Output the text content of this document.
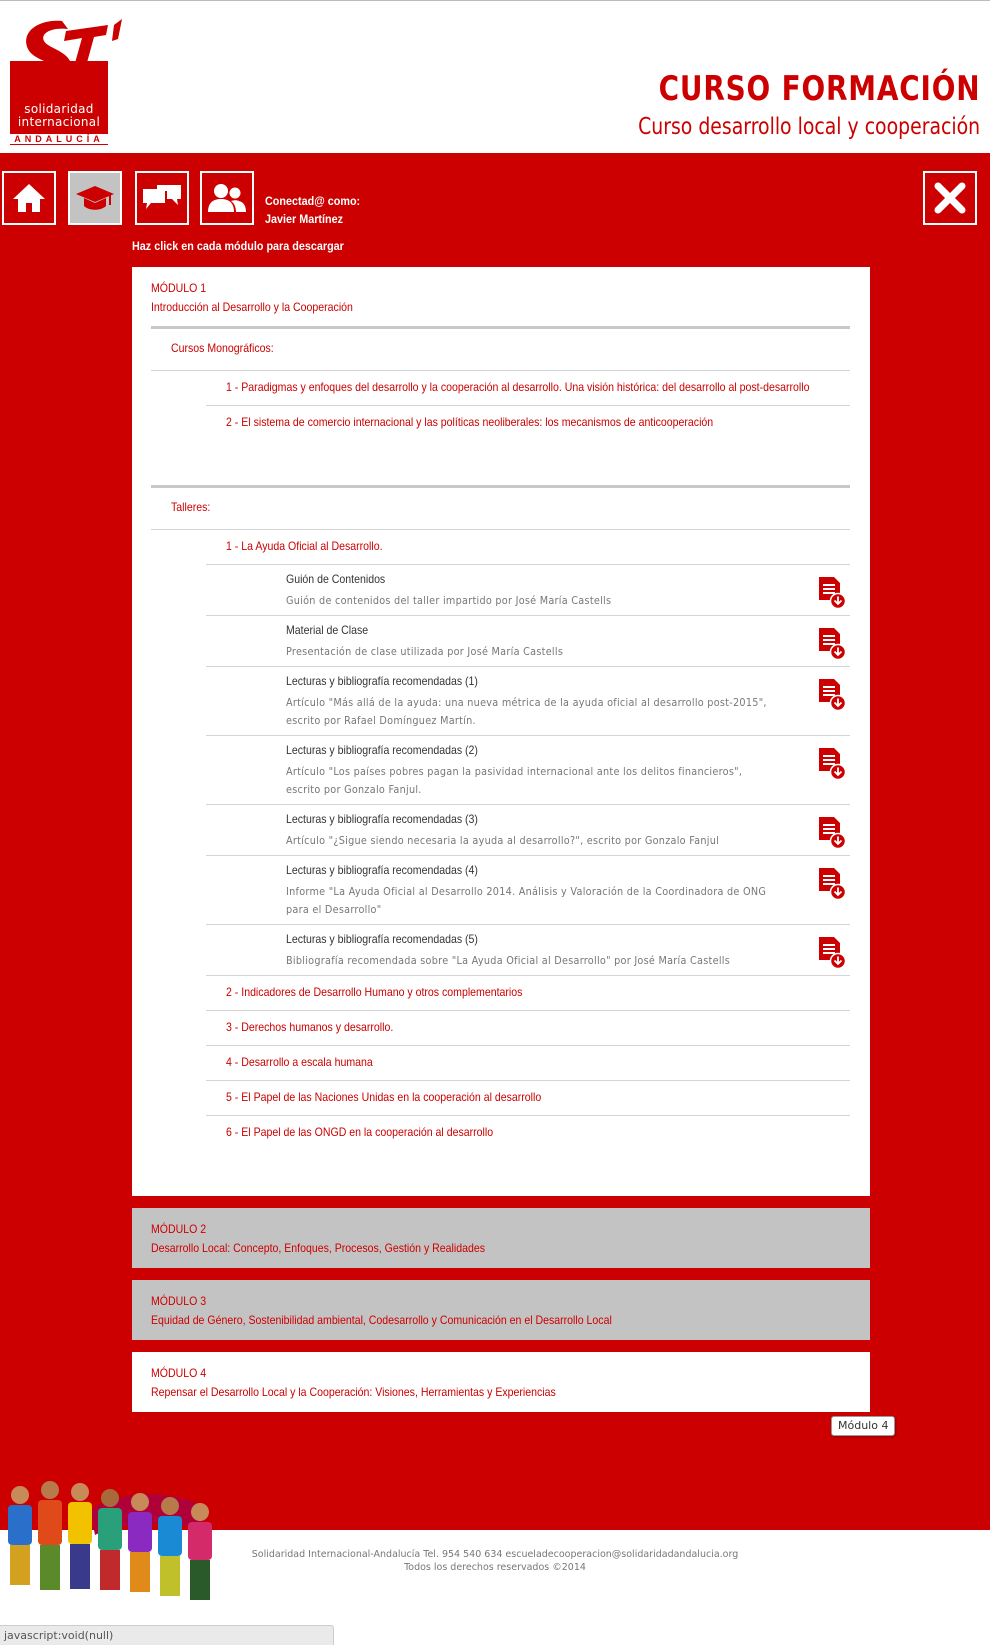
solidaridad
internacional
ANDALUCÍA
CURSO FORMACIÓN
Curso desarrollo local y cooperación
Conectad@ como:
Javier Martínez
Haz click en cada módulo para descargar
MÓDULO 1
Introducción al Desarrollo y la Cooperación
Cursos Monográficos:
1 - Paradigmas y enfoques del desarrollo y la cooperación al desarrollo. Una visión histórica: del desarrollo al post-desarrollo
2 - El sistema de comercio internacional y las políticas neoliberales: los mecanismos de anticooperación
Talleres:
1 - La Ayuda Oficial al Desarrollo.
Guión de Contenidos
Guión de contenidos del taller impartido por José María Castells
Material de Clase
Presentación de clase utilizada por José María Castells
Lecturas y bibliografía recomendadas (1)
Artículo "Más allá de la ayuda: una nueva métrica de la ayuda oficial al desarrollo post-2015", escrito por Rafael Domínguez Martín.
Lecturas y bibliografía recomendadas (2)
Artículo "Los países pobres pagan la pasividad internacional ante los delitos financieros", escrito por Gonzalo Fanjul.
Lecturas y bibliografía recomendadas (3)
Artículo "¿Sigue siendo necesaria la ayuda al desarrollo?", escrito por Gonzalo Fanjul
Lecturas y bibliografía recomendadas (4)
Informe "La Ayuda Oficial al Desarrollo 2014. Análisis y Valoración de la Coordinadora de ONG para el Desarrollo"
Lecturas y bibliografía recomendadas (5)
Bibliografía recomendada sobre "La Ayuda Oficial al Desarrollo" por José María Castells
2 - Indicadores de Desarrollo Humano y otros complementarios
3 - Derechos humanos y desarrollo.
4 - Desarrollo a escala humana
5 - El Papel de las Naciones Unidas en la cooperación al desarrollo
6 - El Papel de las ONGD en la cooperación al desarrollo
MÓDULO 2
Desarrollo Local: Concepto, Enfoques, Procesos, Gestión y Realidades
MÓDULO 3
Equidad de Género, Sostenibilidad ambiental, Codesarrollo y Comunicación en el Desarrollo Local
MÓDULO 4
Repensar el Desarrollo Local y la Cooperación: Visiones, Herramientas y Experiencias
Módulo 4
Solidaridad Internacional-Andalucía Tel. 954 540 634 escueladecooperacion@solidaridadandalucia.org
Todos los derechos reservados ©2014
javascript:void(null)
